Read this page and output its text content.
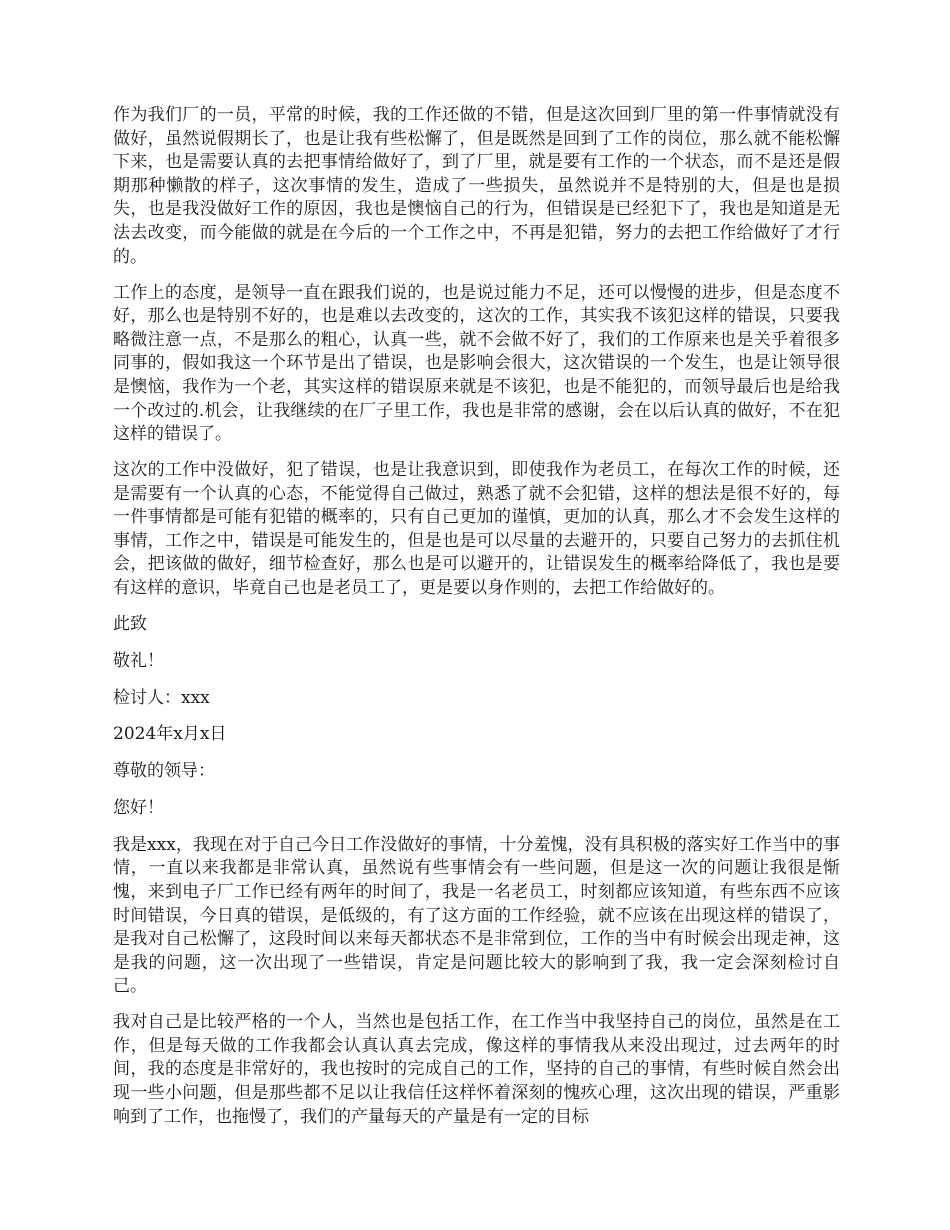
作为我们厂的一员，平常的时候，我的工作还做的不错，但是这次回到厂里的第一件事情就没有做好，虽然说假期长了，也是让我有些松懈了，但是既然是回到了工作的岗位，那么就不能松懈下来，也是需要认真的去把事情给做好了，到了厂里，就是要有工作的一个状态，而不是还是假期那种懒散的样子，这次事情的发生，造成了一些损失，虽然说并不是特别的大，但是也是损失，也是我没做好工作的原因，我也是懊恼自己的行为，但错误是已经犯下了，我也是知道是无法去改变，而今能做的就是在今后的一个工作之中，不再是犯错，努力的去把工作给做好了才行的。

工作上的态度，是领导一直在跟我们说的，也是说过能力不足，还可以慢慢的进步，但是态度不好，那么也是特别不好的，也是难以去改变的，这次的工作，其实我不该犯这样的错误，只要我略微注意一点，不是那么的粗心，认真一些，就不会做不好了，我们的工作原来也是关乎着很多同事的，假如我这一个环节是出了错误，也是影响会很大，这次错误的一个发生，也是让领导很是懊恼，我作为一个老，其实这样的错误原来就是不该犯，也是不能犯的，而领导最后也是给我一个改过的.机会，让我继续的在厂子里工作，我也是非常的感谢，会在以后认真的做好，不在犯这样的错误了。

这次的工作中没做好，犯了错误，也是让我意识到，即使我作为老员工，在每次工作的时候，还是需要有一个认真的心态，不能觉得自己做过，熟悉了就不会犯错，这样的想法是很不好的，每一件事情都是可能有犯错的概率的，只有自己更加的谨慎，更加的认真，那么才不会发生这样的事情，工作之中，错误是可能发生的，但是也是可以尽量的去避开的，只要自己努力的去抓住机会，把该做的做好，细节检查好，那么也是可以避开的，让错误发生的概率给降低了，我也是要有这样的意识，毕竟自己也是老员工了，更是要以身作则的，去把工作给做好的。

此致

敬礼！

检讨人：xxx

2024年x月x日

尊敬的领导：

您好！

我是xxx，我现在对于自己今日工作没做好的事情，十分羞愧，没有具积极的落实好工作当中的事情，一直以来我都是非常认真，虽然说有些事情会有一些问题，但是这一次的问题让我很是惭愧，来到电子厂工作已经有两年的时间了，我是一名老员工，时刻都应该知道，有些东西不应该时间错误，今日真的错误，是低级的，有了这方面的工作经验，就不应该在出现这样的错误了，是我对自己松懈了，这段时间以来每天都状态不是非常到位，工作的当中有时候会出现走神，这是我的问题，这一次出现了一些错误，肯定是问题比较大的影响到了我，我一定会深刻检讨自己。

我对自己是比较严格的一个人，当然也是包括工作，在工作当中我坚持自己的岗位，虽然是在工作，但是每天做的工作我都会认真认真去完成，像这样的事情我从来没出现过，过去两年的时间，我的态度是非常好的，我也按时的完成自己的工作，坚持的自己的事情，有些时候自然会出现一些小问题，但是那些都不足以让我信任这样怀着深刻的愧疚心理，这次出现的错误，严重影响到了工作，也拖慢了，我们的产量每天的产量是有一定的目标
